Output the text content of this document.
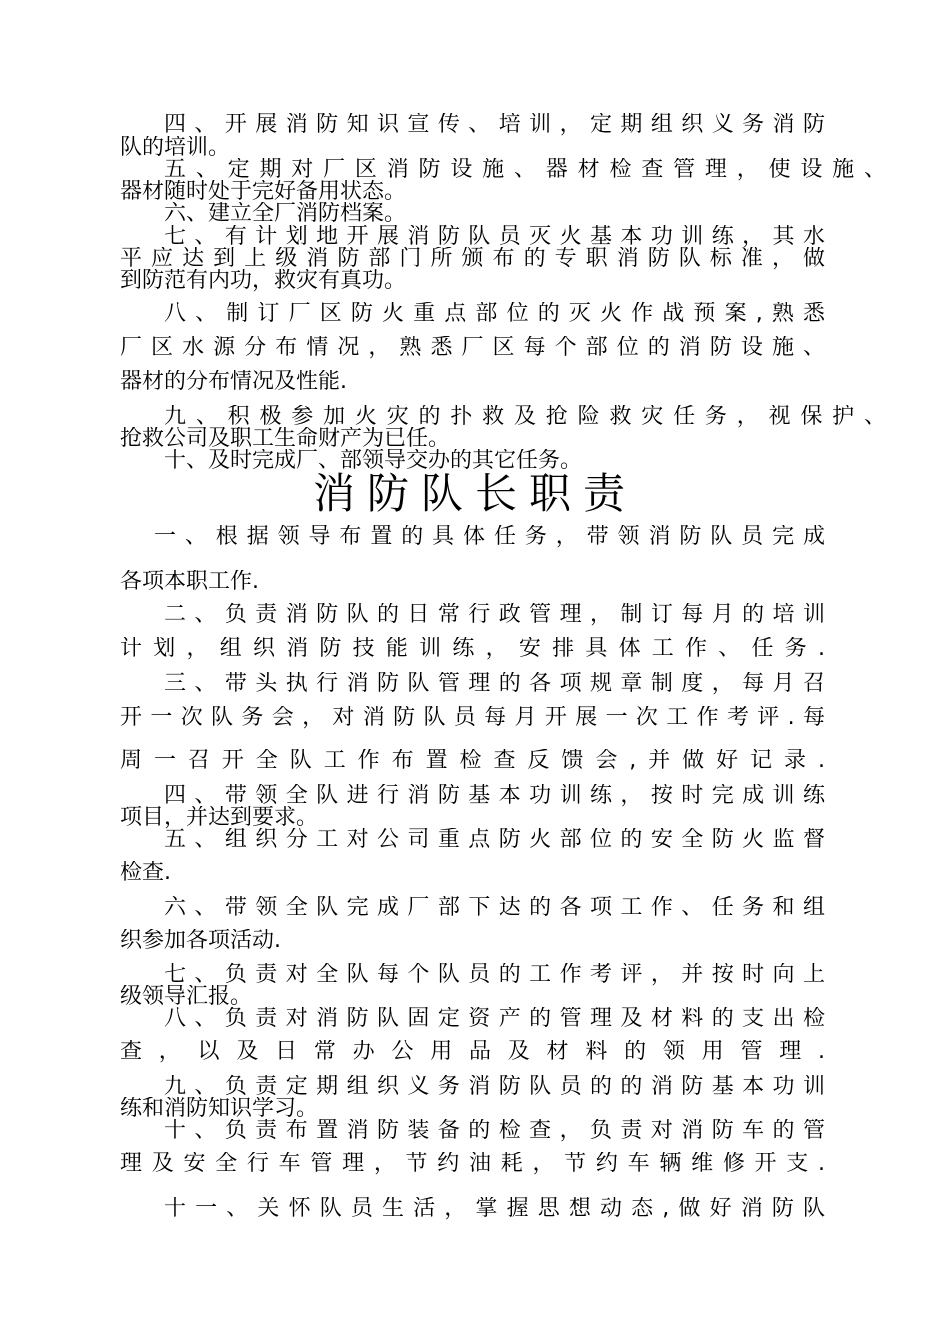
四、开展消防知识宣传、培训，定期组织义务消防
队的培训。
五、定期对厂区消防设施、器材检查管理，使设施、
器材随时处于完好备用状态。
六、建立全厂消防档案。
七、有计划地开展消防队员灭火基本功训练，其水
平应达到上级消防部门所颁布的专职消防队标准，做
到防范有内功，救灾有真功。
八、制订厂区防火重点部位的灭火作战预案,熟悉
厂区水源分布情况，熟悉厂区每个部位的消防设施、
器材的分布情况及性能.
九、积极参加火灾的扑救及抢险救灾任务，视保护、
抢救公司及职工生命财产为已任。
十、及时完成厂、部领导交办的其它任务。
消防队长职责
一、根据领导布置的具体任务，带领消防队员完成
各项本职工作.
二、负责消防队的日常行政管理，制订每月的培训
计划，组织消防技能训练，安排具体工作、任务.
三、带头执行消防队管理的各项规章制度，每月召
开一次队务会，对消防队员每月开展一次工作考评.每
周一召开全队工作布置检查反馈会,并做好记录.
四、带领全队进行消防基本功训练，按时完成训练
项目，并达到要求。
五、组织分工对公司重点防火部位的安全防火监督
检查.
六、带领全队完成厂部下达的各项工作、任务和组
织参加各项活动.
七、负责对全队每个队员的工作考评，并按时向上
级领导汇报。
八、负责对消防队固定资产的管理及材料的支出检
查，以及日常办公用品及材料的领用管理.
九、负责定期组织义务消防队员的的消防基本功训
练和消防知识学习。
十、负责布置消防装备的检查，负责对消防车的管
理及安全行车管理，节约油耗，节约车辆维修开支.
十一、关怀队员生活，掌握思想动态,做好消防队
